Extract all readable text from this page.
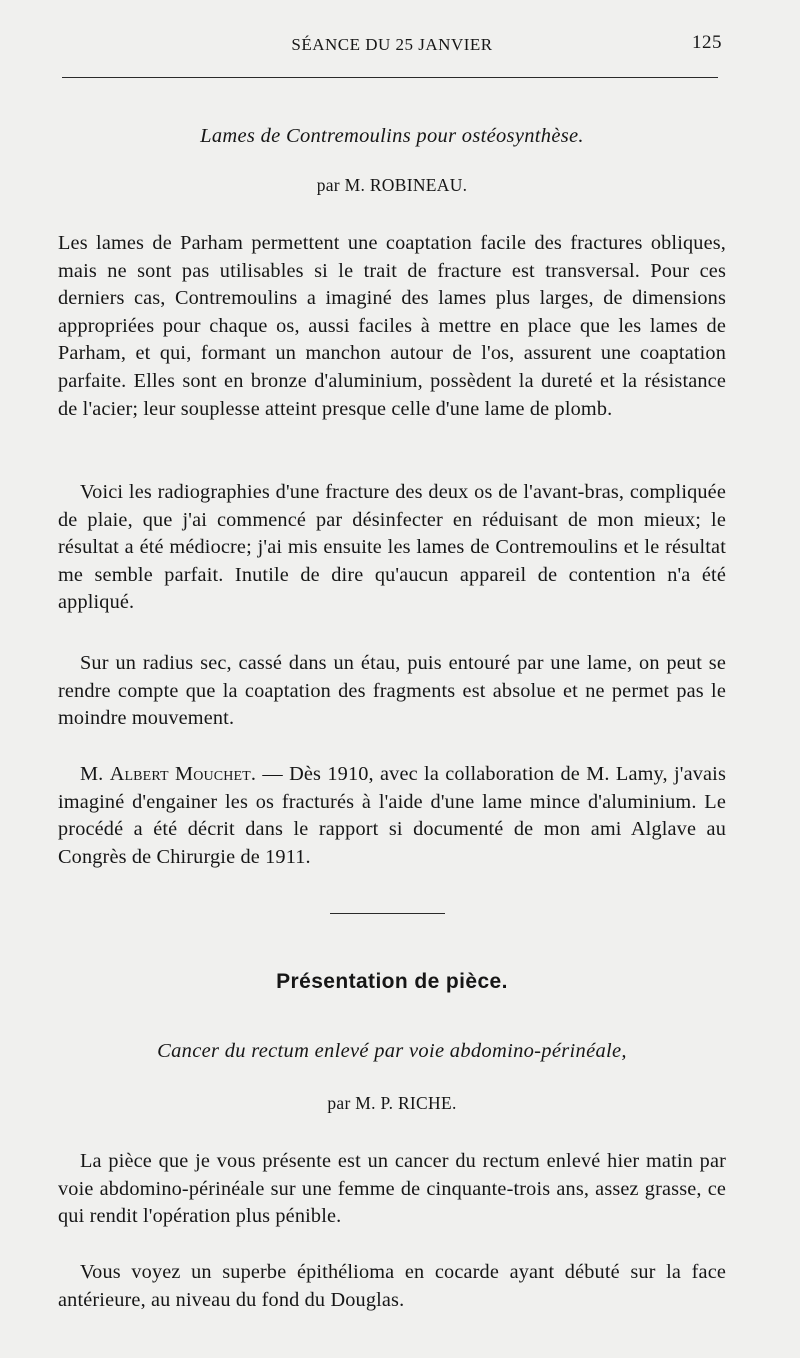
SÉANCE DU 25 JANVIER	125
Lames de Contremoulins pour ostéosynthèse.
par M. ROBINEAU.

Les lames de Parham permettent une coaptation facile des fractures obliques, mais ne sont pas utilisables si le trait de fracture est transversal. Pour ces derniers cas, Contremoulins a imaginé des lames plus larges, de dimensions appropriées pour chaque os, aussi faciles à mettre en place que les lames de Parham, et qui, formant un manchon autour de l'os, assurent une coaptation parfaite. Elles sont en bronze d'aluminium, possèdent la dureté et la résistance de l'acier; leur souplesse atteint presque celle d'une lame de plomb.

Voici les radiographies d'une fracture des deux os de l'avant-bras, compliquée de plaie, que j'ai commencé par désinfecter en réduisant de mon mieux; le résultat a été médiocre; j'ai mis ensuite les lames de Contremoulins et le résultat me semble parfait. Inutile de dire qu'aucun appareil de contention n'a été appliqué.

Sur un radius sec, cassé dans un étau, puis entouré par une lame, on peut se rendre compte que la coaptation des fragments est absolue et ne permet pas le moindre mouvement.

M. Albert Mouchet. — Dès 1910, avec la collaboration de M. Lamy, j'avais imaginé d'engainer les os fracturés à l'aide d'une lame mince d'aluminium. Le procédé a été décrit dans le rapport si documenté de mon ami Alglave au Congrès de Chirurgie de 1911.

Présentation de pièce.
Cancer du rectum enlevé par voie abdomino-périnéale,
par M. P. RICHE.

La pièce que je vous présente est un cancer du rectum enlevé hier matin par voie abdomino-périnéale sur une femme de cinquante-trois ans, assez grasse, ce qui rendit l'opération plus pénible.

Vous voyez un superbe épithélioma en cocarde ayant débuté sur la face antérieure, au niveau du fond du Douglas.
